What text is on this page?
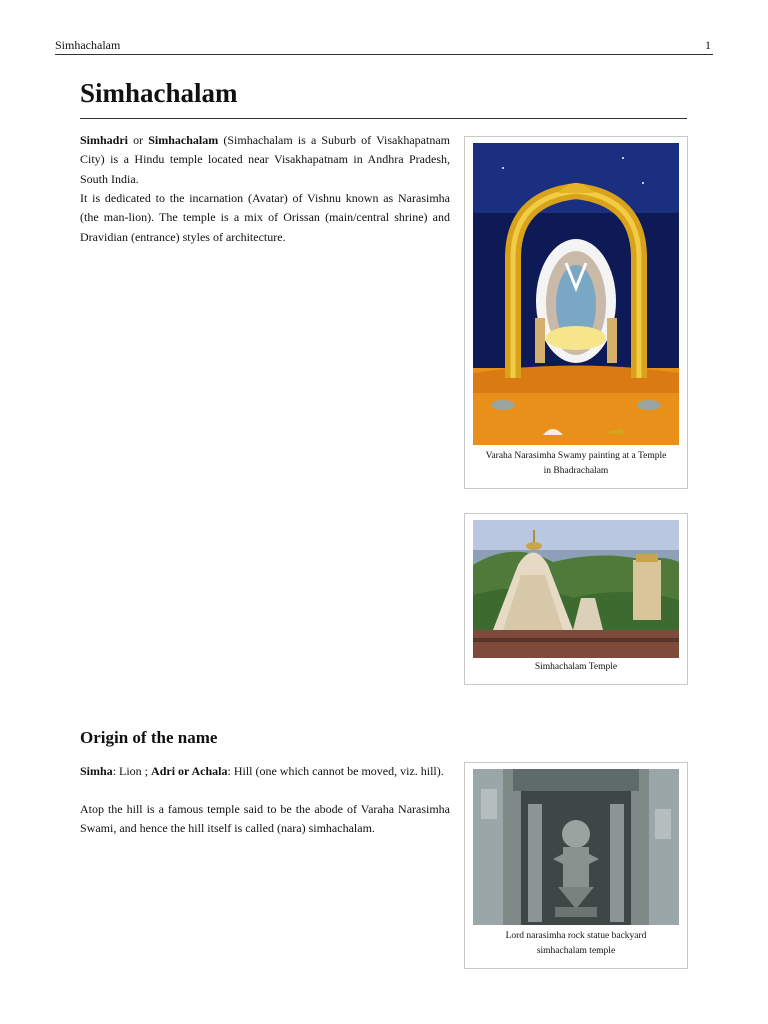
Simhachalam	1
Simhachalam

Simhadri or Simhachalam (Simhachalam is a Suburb of Visakhapatnam City) is a Hindu temple located near Visakhapatnam in Andhra Pradesh, South India.

It is dedicated to the incarnation (Avatar) of Vishnu known as Narasimha (the man-lion). The temple is a mix of Orissan (main/central shrine) and Dravidian (entrance) styles of architecture.

Origin of the name

Simha: Lion ; Adri or Achala: Hill (one which cannot be moved, viz. hill).

Atop the hill is a famous temple said to be the abode of Varaha Narasimha Swami, and hence the hill itself is called (nara) simhachalam.

Varaha Narasimha Swamy painting at a Temple
in Bhadrachalam
Simhachalam Temple
Lord narasimha rock statue backyard
simhachalam temple
